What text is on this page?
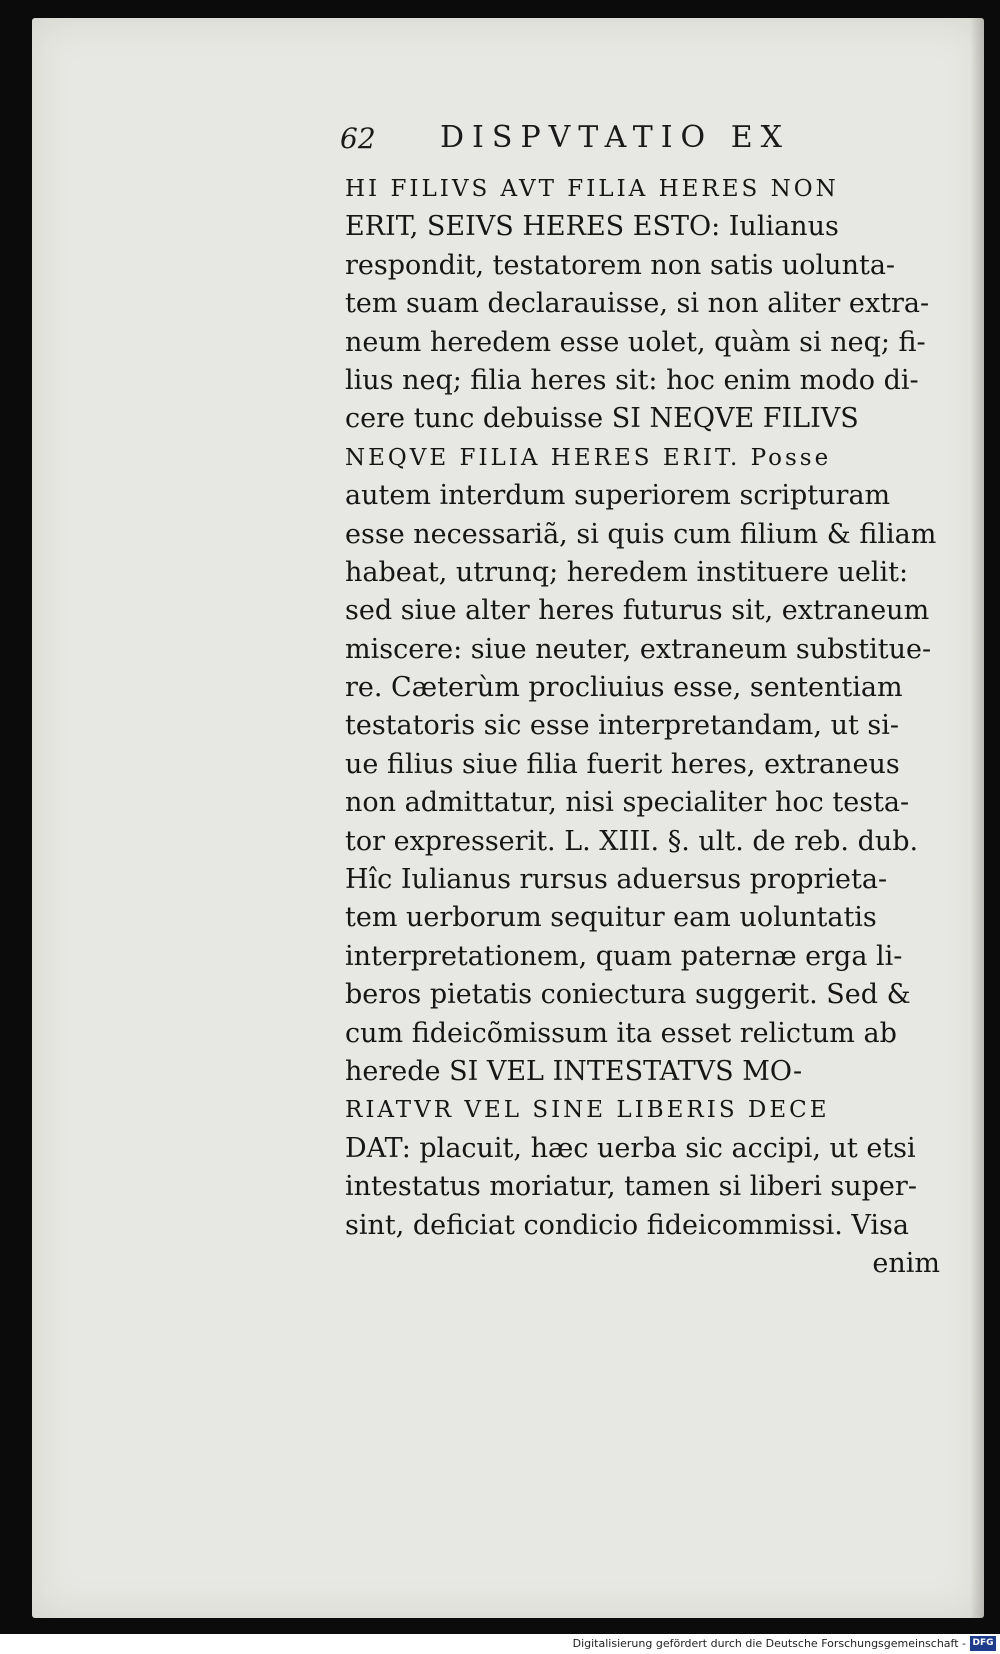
62 DISPVTATIO EX
HI FILIVS AVT FILIA HERES NON
ERIT, SEIVS HERES ESTO: Iulianus
respondit, testatorem non satis uolunta-
tem suam declarauisse, si non aliter extra-
neum heredem esse uolet, quàm si neq; fi-
lius neq; filia heres sit: hoc enim modo di-
cere tunc debuisse SI NEQVE FILIVS
NEQVE FILIA HERES ERIT. Posse
autem interdum superiorem scripturam
esse necessariã, si quis cum filium & filiam
habeat, utrunq; heredem instituere uelit:
sed siue alter heres futurus sit, extraneum
miscere: siue neuter, extraneum substitue-
re. Cæterùm procliuius esse, sententiam
testatoris sic esse interpretandam, ut si-
ue filius siue filia fuerit heres, extraneus
non admittatur, nisi specialiter hoc testa-
tor expresserit. L. XIII. §. ult. de reb. dub.
Hîc Iulianus rursus aduersus proprieta-
tem uerborum sequitur eam uoluntatis
interpretationem, quam paternæ erga li-
beros pietatis coniectura suggerit. Sed &
cum fideicõmissum ita esset relictum ab
herede SI VEL INTESTATVS MO-
RIATVR VEL SINE LIBERIS DECE
DAT: placuit, hæc uerba sic accipi, ut etsi
intestatus moriatur, tamen si liberi super-
sint, deficiat condicio fideicommissi. Visa
enim
Digitalisierung gefördert durch die Deutsche Forschungsgemeinschaft - DFG
